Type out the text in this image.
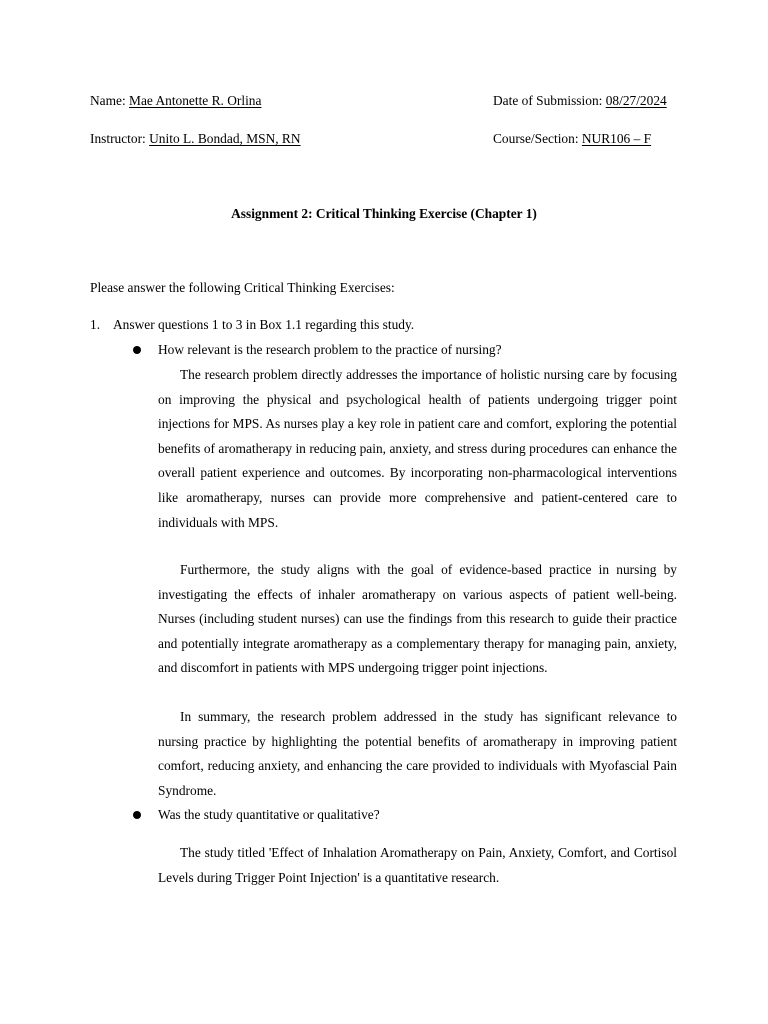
Name: Mae Antonette R. Orlina	Date of Submission: 08/27/2024
Instructor: Unito L. Bondad, MSN, RN	Course/Section: NUR106 – F
Assignment 2: Critical Thinking Exercise (Chapter 1)
Please answer the following Critical Thinking Exercises:
1. Answer questions 1 to 3 in Box 1.1 regarding this study.
How relevant is the research problem to the practice of nursing?
The research problem directly addresses the importance of holistic nursing care by focusing on improving the physical and psychological health of patients undergoing trigger point injections for MPS. As nurses play a key role in patient care and comfort, exploring the potential benefits of aromatherapy in reducing pain, anxiety, and stress during procedures can enhance the overall patient experience and outcomes. By incorporating non-pharmacological interventions like aromatherapy, nurses can provide more comprehensive and patient-centered care to individuals with MPS.
Furthermore, the study aligns with the goal of evidence-based practice in nursing by investigating the effects of inhaler aromatherapy on various aspects of patient well-being. Nurses (including student nurses) can use the findings from this research to guide their practice and potentially integrate aromatherapy as a complementary therapy for managing pain, anxiety, and discomfort in patients with MPS undergoing trigger point injections.
In summary, the research problem addressed in the study has significant relevance to nursing practice by highlighting the potential benefits of aromatherapy in improving patient comfort, reducing anxiety, and enhancing the care provided to individuals with Myofascial Pain Syndrome.
Was the study quantitative or qualitative?
The study titled 'Effect of Inhalation Aromatherapy on Pain, Anxiety, Comfort, and Cortisol Levels during Trigger Point Injection' is a quantitative research.
